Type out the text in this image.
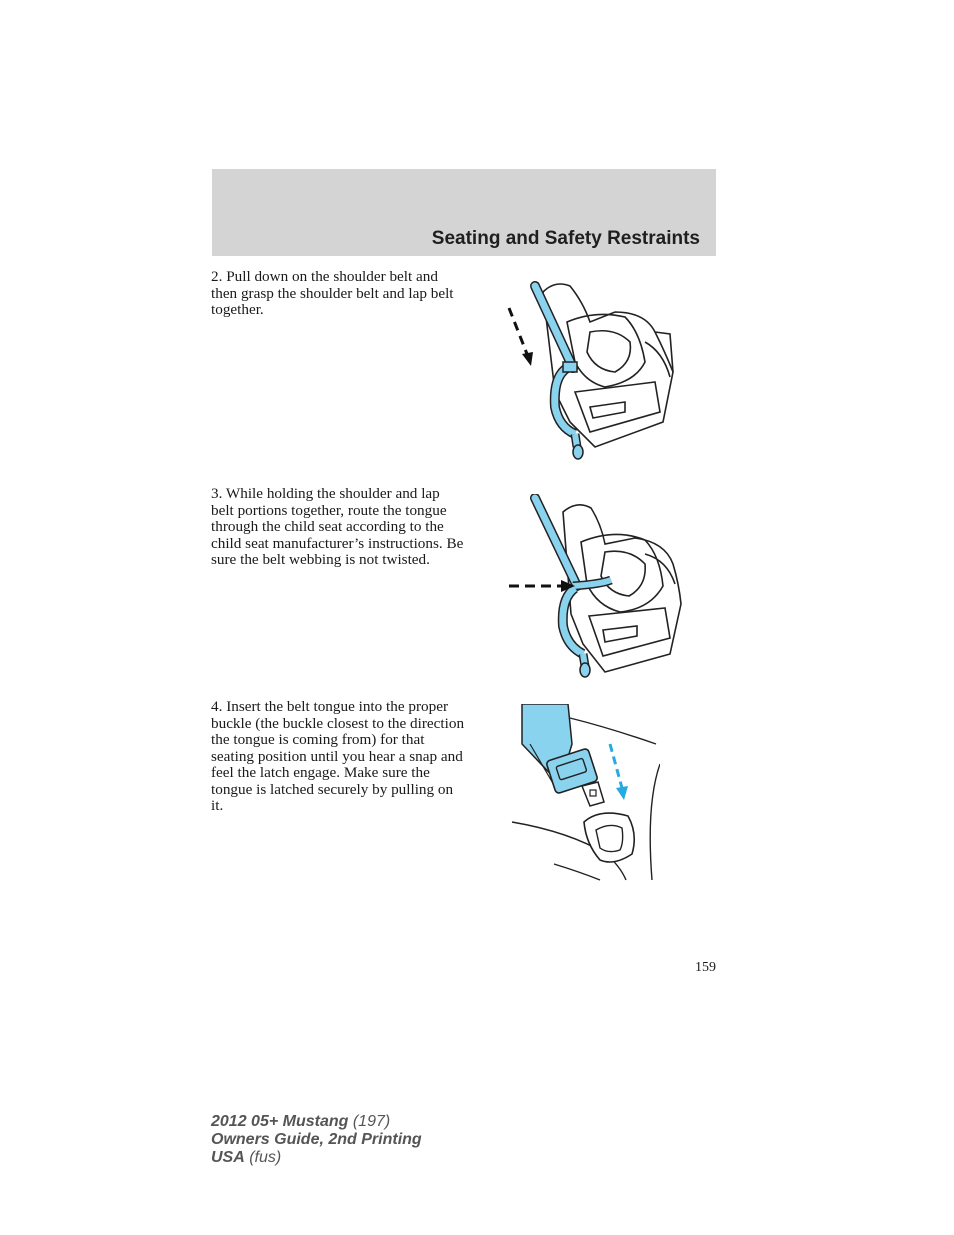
Seating and Safety Restraints
2. Pull down on the shoulder belt and then grasp the shoulder belt and lap belt together.
3. While holding the shoulder and lap belt portions together, route the tongue through the child seat according to the child seat manufacturer’s instructions. Be sure the belt webbing is not twisted.
4. Insert the belt tongue into the proper buckle (the buckle closest to the direction the tongue is coming from) for that seating position until you hear a snap and feel the latch engage. Make sure the tongue is latched securely by pulling on it.
159
2012 05+ Mustang (197)
Owners Guide, 2nd Printing
USA (fus)
